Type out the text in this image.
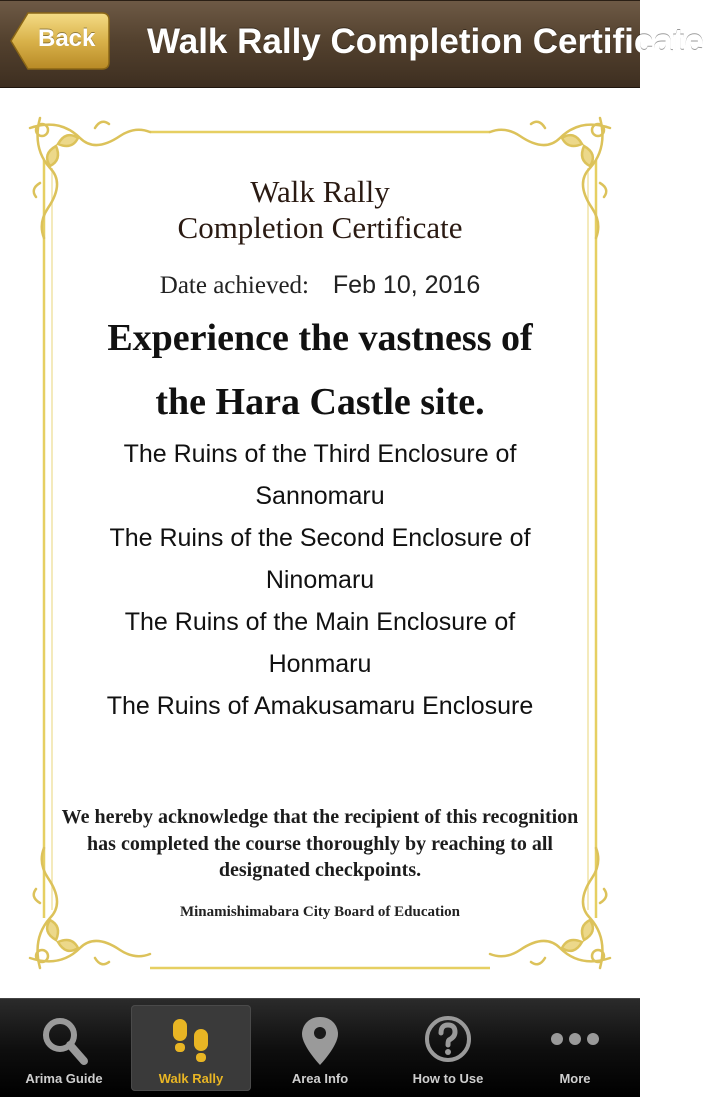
Back Walk Rally Completion Certificate
Walk Rally
Completion Certificate
Date achieved: Feb 10, 2016
Experience the vastness of
the Hara Castle site.
The Ruins of the Third Enclosure of
Sannomaru
The Ruins of the Second Enclosure of
Ninomaru
The Ruins of the Main Enclosure of
Honmaru
The Ruins of Amakusamaru Enclosure
We hereby acknowledge that the recipient of this recognition has completed the course thoroughly by reaching to all designated checkpoints.
Minamishimabara City Board of Education
Arima Guide	Walk Rally	Area Info	How to Use	More
